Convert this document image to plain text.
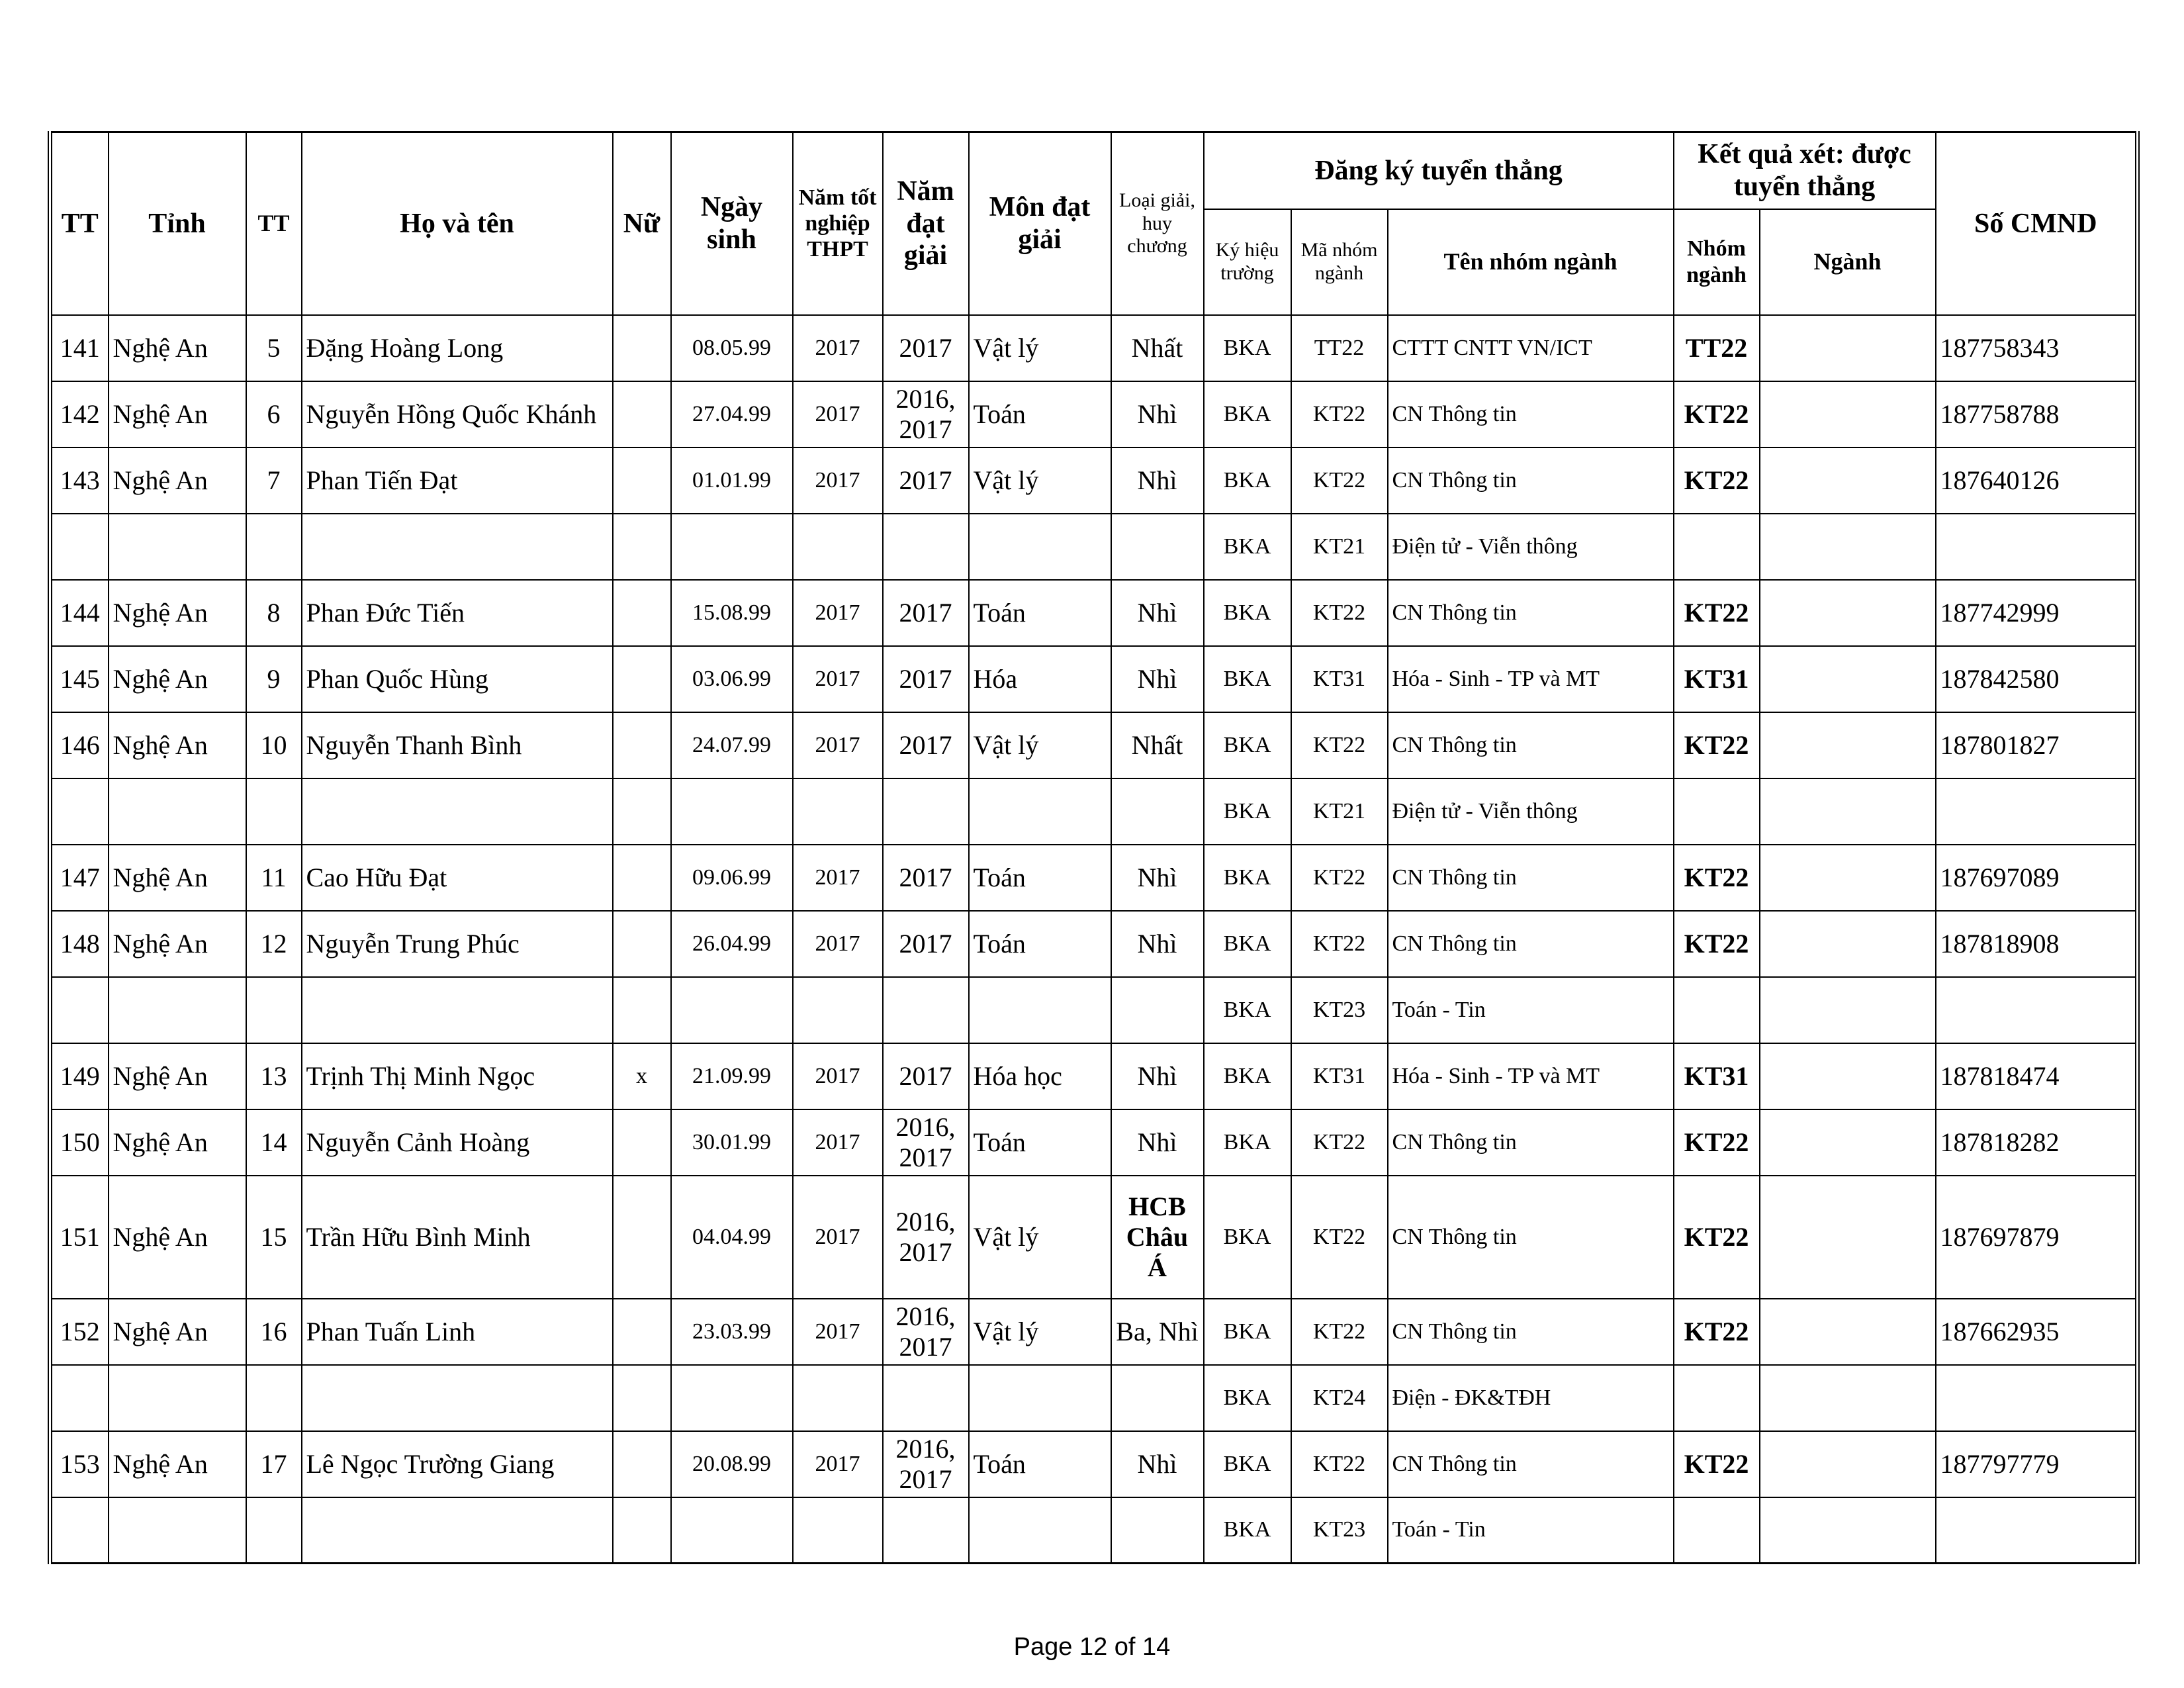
TT	Tỉnh	TT	Họ và tên	Nữ	Ngày sinh	Năm tốt nghiệp THPT	Năm đạt giải	Môn đạt giải	Loại giải, huy chương	Đăng ký tuyển thẳng			Kết quả xét: được tuyển thẳng		Số CMND
										Ký hiệu trường	Mã nhóm ngành	Tên nhóm ngành	Nhóm ngành	Ngành	
141	Nghệ An	5	Đặng Hoàng Long		08.05.99	2017	2017	Vật lý	Nhất	BKA	TT22	CTTT CNTT VN/ICT	TT22		187758343
142	Nghệ An	6	Nguyễn Hồng Quốc Khánh		27.04.99	2017	2016, 2017	Toán	Nhì	BKA	KT22	CN Thông tin	KT22		187758788
143	Nghệ An	7	Phan Tiến Đạt		01.01.99	2017	2017	Vật lý	Nhì	BKA	KT22	CN Thông tin	KT22		187640126
										BKA	KT21	Điện tử - Viễn thông			
144	Nghệ An	8	Phan Đức Tiến		15.08.99	2017	2017	Toán	Nhì	BKA	KT22	CN Thông tin	KT22		187742999
145	Nghệ An	9	Phan Quốc Hùng		03.06.99	2017	2017	Hóa	Nhì	BKA	KT31	Hóa - Sinh - TP và MT	KT31		187842580
146	Nghệ An	10	Nguyễn Thanh Bình		24.07.99	2017	2017	Vật lý	Nhất	BKA	KT22	CN Thông tin	KT22		187801827
										BKA	KT21	Điện tử - Viễn thông			
147	Nghệ An	11	Cao Hữu Đạt		09.06.99	2017	2017	Toán	Nhì	BKA	KT22	CN Thông tin	KT22		187697089
148	Nghệ An	12	Nguyễn Trung Phúc		26.04.99	2017	2017	Toán	Nhì	BKA	KT22	CN Thông tin	KT22		187818908
										BKA	KT23	Toán - Tin			
149	Nghệ An	13	Trịnh Thị Minh Ngọc	x	21.09.99	2017	2017	Hóa học	Nhì	BKA	KT31	Hóa - Sinh - TP và MT	KT31		187818474
150	Nghệ An	14	Nguyễn Cảnh Hoàng		30.01.99	2017	2016, 2017	Toán	Nhì	BKA	KT22	CN Thông tin	KT22		187818282
151	Nghệ An	15	Trần Hữu Bình Minh		04.04.99	2017	2016, 2017	Vật lý	HCB Châu Á	BKA	KT22	CN Thông tin	KT22		187697879
152	Nghệ An	16	Phan Tuấn Linh		23.03.99	2017	2016, 2017	Vật lý	Ba, Nhì	BKA	KT22	CN Thông tin	KT22		187662935
										BKA	KT24	Điện - ĐK&TĐH			
153	Nghệ An	17	Lê Ngọc Trường Giang		20.08.99	2017	2016, 2017	Toán	Nhì	BKA	KT22	CN Thông tin	KT22		187797779
										BKA	KT23	Toán - Tin			
Page 12 of 14
